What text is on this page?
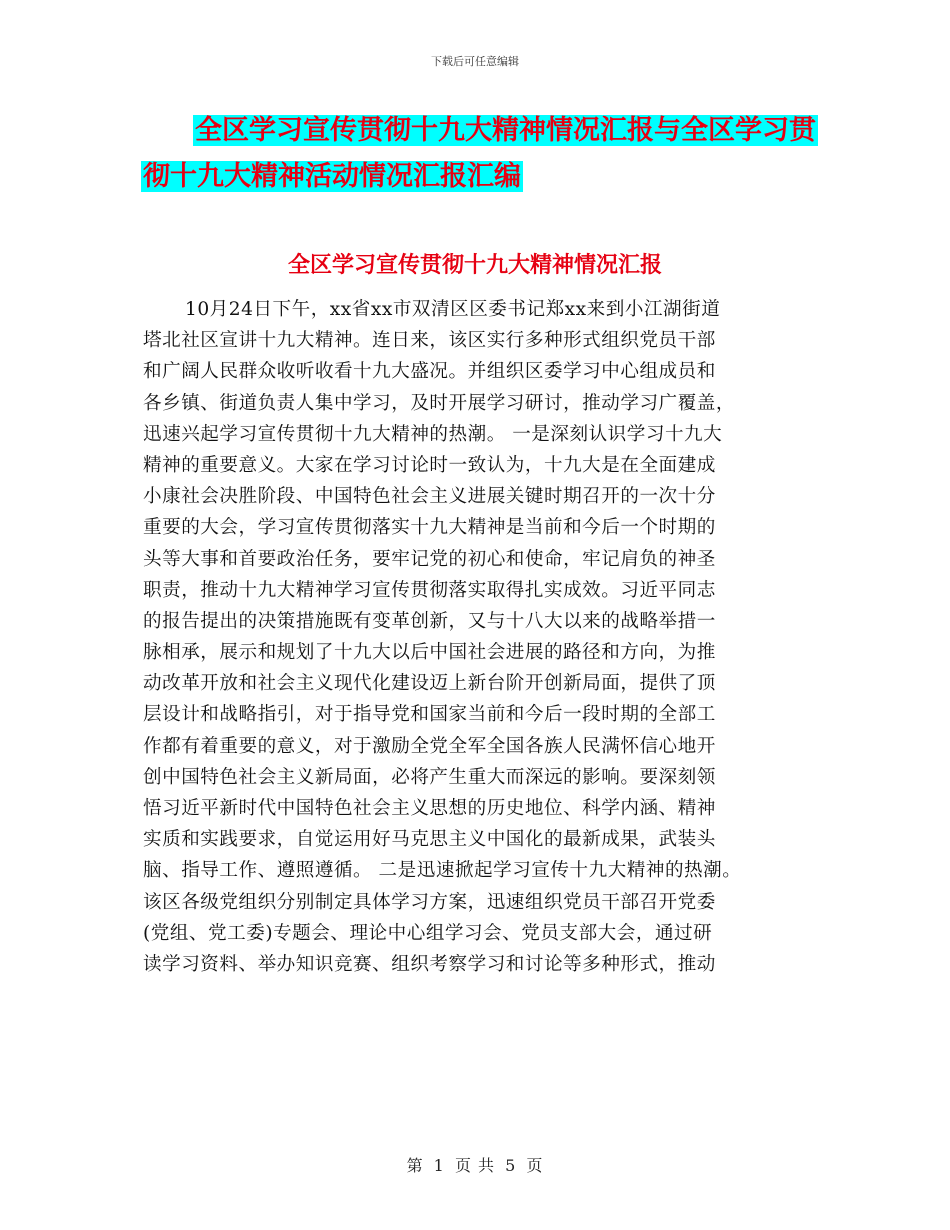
下载后可任意编辑
全区学习宣传贯彻十九大精神情况汇报与全区学习贯
彻十九大精神活动情况汇报汇编
全区学习宣传贯彻十九大精神情况汇报
10月24日下午，xx省xx市双清区区委书记郑xx来到小江湖街道
塔北社区宣讲十九大精神。连日来，该区实行多种形式组织党员干部
和广阔人民群众收听收看十九大盛况。并组织区委学习中心组成员和
各乡镇、街道负责人集中学习，及时开展学习研讨，推动学习广覆盖，
迅速兴起学习宣传贯彻十九大精神的热潮。 一是深刻认识学习十九大
精神的重要意义。大家在学习讨论时一致认为，十九大是在全面建成
小康社会决胜阶段、中国特色社会主义进展关键时期召开的一次十分
重要的大会，学习宣传贯彻落实十九大精神是当前和今后一个时期的
头等大事和首要政治任务，要牢记党的初心和使命，牢记肩负的神圣
职责，推动十九大精神学习宣传贯彻落实取得扎实成效。习近平同志
的报告提出的决策措施既有变革创新，又与十八大以来的战略举措一
脉相承，展示和规划了十九大以后中国社会进展的路径和方向，为推
动改革开放和社会主义现代化建设迈上新台阶开创新局面，提供了顶
层设计和战略指引，对于指导党和国家当前和今后一段时期的全部工
作都有着重要的意义，对于激励全党全军全国各族人民满怀信心地开
创中国特色社会主义新局面，必将产生重大而深远的影响。要深刻领
悟习近平新时代中国特色社会主义思想的历史地位、科学内涵、精神
实质和实践要求，自觉运用好马克思主义中国化的最新成果，武装头
脑、指导工作、遵照遵循。 二是迅速掀起学习宣传十九大精神的热潮。
该区各级党组织分别制定具体学习方案，迅速组织党员干部召开党委
(党组、党工委)专题会、理论中心组学习会、党员支部大会，通过研
读学习资料、举办知识竞赛、组织考察学习和讨论等多种形式，推动
第 1 页 共 5 页
